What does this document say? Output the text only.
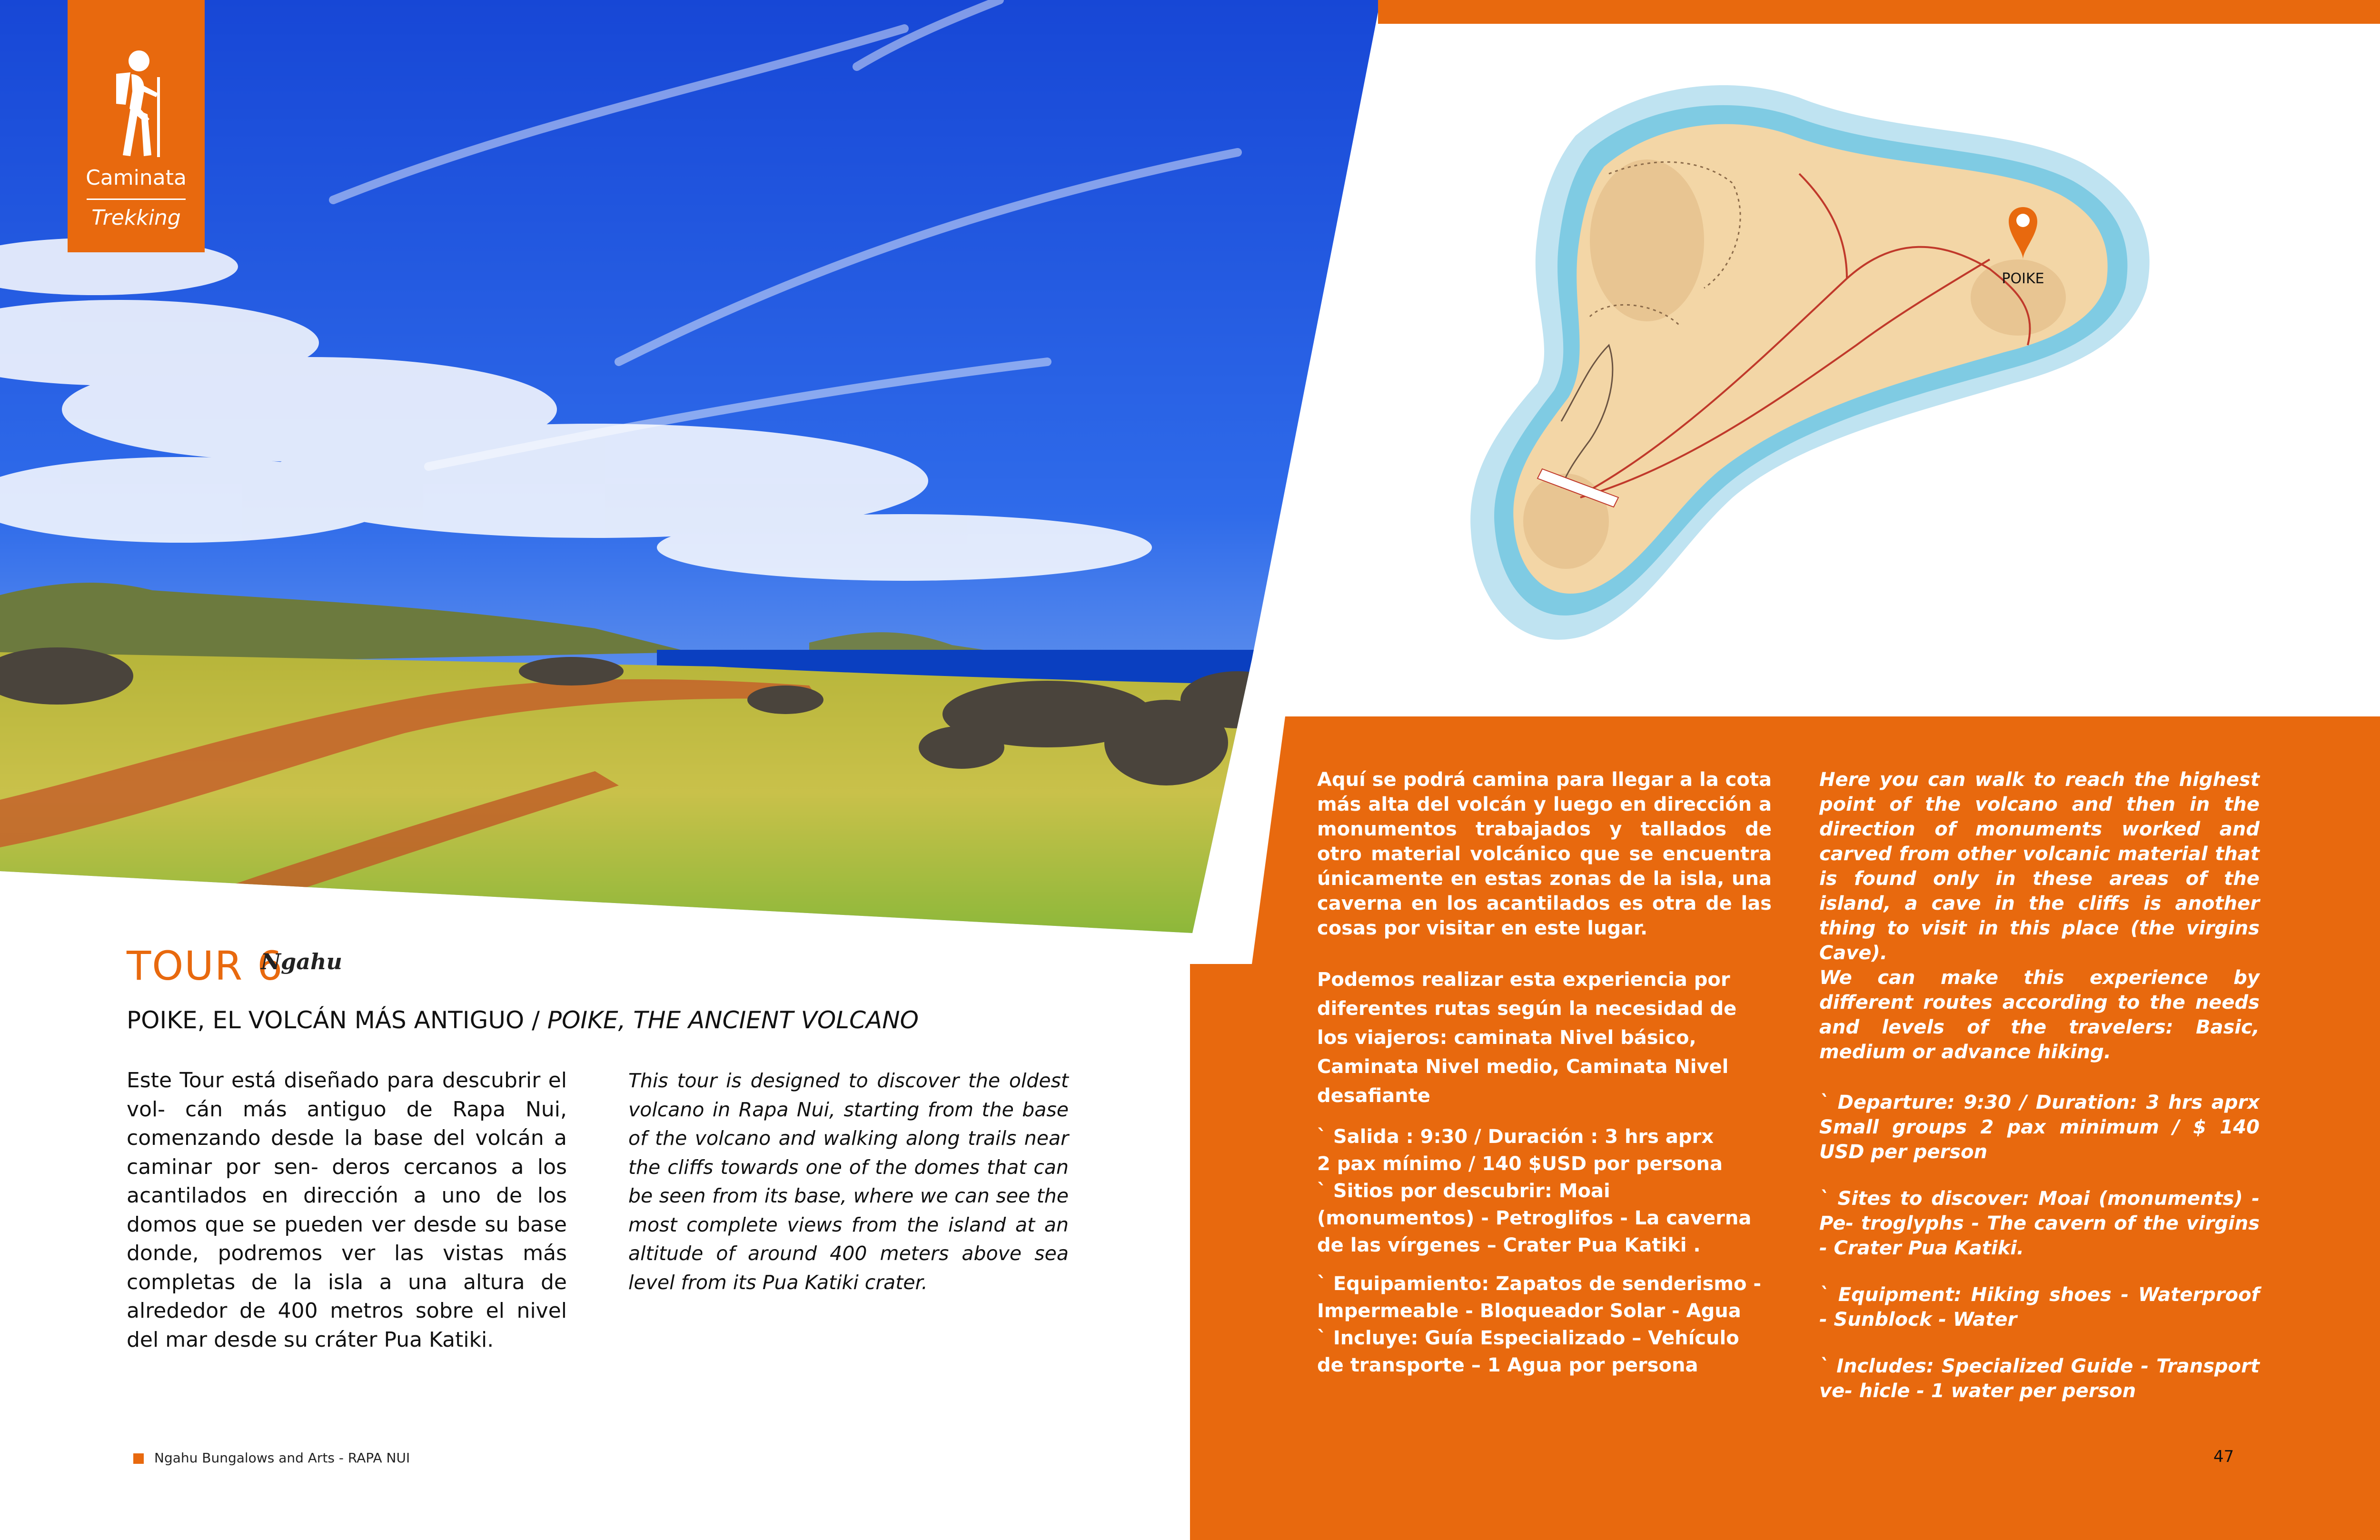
Caminata
Trekking
POIKE
TOUR 6
Ngahu
POIKE, EL VOLCÁN MÁS ANTIGUO / POIKE, THE ANCIENT VOLCANO
Este Tour está diseñado para descubrir el vol- cán más antiguo de Rapa Nui, comenzando desde la base del volcán a caminar por sen- deros cercanos a los acantilados en dirección a uno de los domos que se pueden ver desde su base donde, podremos ver las vistas más completas de la isla a una altura de alrededor de 400 metros sobre el nivel del mar desde su cráter Pua Katiki.
This tour is designed to discover the oldest volcano in Rapa Nui, starting from the base of the volcano and walking along trails near the cliffs towards one of the domes that can be seen from its base, where we can see the most complete views from the island at an altitude of around 400 meters above sea level from its Pua Katiki crater.
Ngahu Bungalows and Arts - RAPA NUI
Aquí se podrá camina para llegar a la cota más alta del volcán y luego en dirección a monumentos trabajados y tallados de otro material volcánico que se encuentra únicamente en estas zonas de la isla, una caverna en los acantilados es otra de las cosas por visitar en este lugar.
Podemos realizar esta experiencia por diferentes rutas según la necesidad de los viajeros: caminata Nivel básico, Caminata Nivel medio, Caminata Nivel desafiante
` Salida : 9:30 / Duración : 3 hrs aprx
2 pax mínimo / 140 $USD por persona
` Sitios por descubrir: Moai (monumentos) - Petroglifos - La caverna de las vírgenes – Crater Pua Katiki .
` Equipamiento: Zapatos de senderismo - Impermeable - Bloqueador Solar - Agua
` Incluye: Guía Especializado – Vehículo de transporte – 1 Agua por persona
Here you can walk to reach the highest point of the volcano and then in the direction of monuments worked and carved from other volcanic material that is found only in these areas of the island, a cave in the cliffs is another thing to visit in this place (the virgins Cave).
We can make this experience by different routes according to the needs and levels of the travelers: Basic, medium or advance hiking.
` Departure: 9:30 / Duration: 3 hrs aprx Small groups 2 pax minimum / $ 140 USD per person
` Sites to discover: Moai (monuments) - Pe- troglyphs - The cavern of the virgins - Crater Pua Katiki.
` Equipment: Hiking shoes - Waterproof - Sunblock - Water
` Includes: Specialized Guide - Transport ve- hicle - 1 water per person
47
